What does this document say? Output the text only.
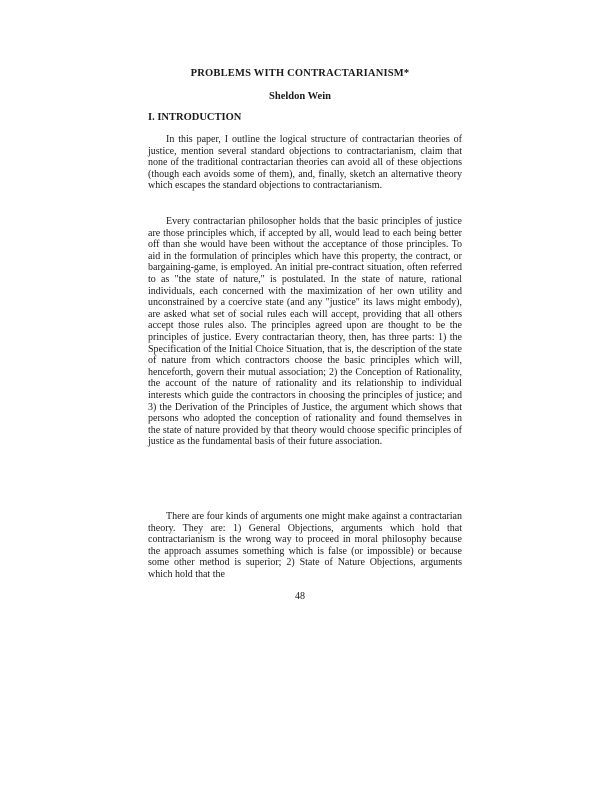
PROBLEMS WITH CONTRACTARIANISM*
Sheldon Wein
I. INTRODUCTION

In this paper, I outline the logical structure of contractarian theories of justice, mention several standard objections to contractarianism, claim that none of the traditional contractarian theories can avoid all of these objections (though each avoids some of them), and, finally, sketch an alternative theory which escapes the standard objections to contractarianism.

Every contractarian philosopher holds that the basic principles of justice are those principles which, if accepted by all, would lead to each being better off than she would have been without the acceptance of those principles. To aid in the formulation of principles which have this property, the contract, or bargaining-game, is employed. An initial pre-contract situation, often referred to as "the state of nature," is postulated. In the state of nature, rational individuals, each concerned with the maximization of her own utility and unconstrained by a coercive state (and any "justice" its laws might embody), are asked what set of social rules each will accept, providing that all others accept those rules also. The principles agreed upon are thought to be the principles of justice. Every contractarian theory, then, has three parts: 1) the Specification of the Initial Choice Situation, that is, the description of the state of nature from which contractors choose the basic principles which will, henceforth, govern their mutual association; 2) the Conception of Rationality, the account of the nature of rationality and its relationship to individual interests which guide the contractors in choosing the principles of justice; and 3) the Derivation of the Principles of Justice, the argument which shows that persons who adopted the conception of rationality and found themselves in the state of nature provided by that theory would choose specific principles of justice as the fundamental basis of their future association.

There are four kinds of arguments one might make against a contractarian theory. They are: 1) General Objections, arguments which hold that contractarianism is the wrong way to proceed in moral philosophy because the approach assumes something which is false (or impossible) or because some other method is superior; 2) State of Nature Objections, arguments which hold that the

48
